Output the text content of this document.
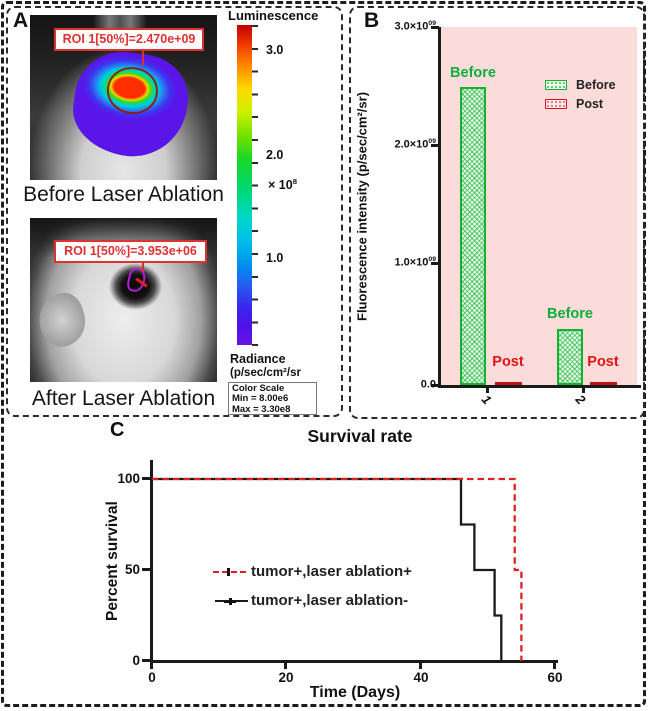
A	B
C
ROI 1[50%]=2.470e+09
Before Laser Ablation
ROI 1[50%]=3.953e+06
After Laser Ablation
Luminescence
3.0
2.0
1.0
× $10^8$
Radiance
(p/sec/cm²/sr
Color Scale
Min = 8.00e6
Max = 3.30e8
$3.0\times 10^{09}$
$2.0\times 10^{09}$
$1.0\times 10^{09}$
0.0
Fluorescence intensity (p/sec/cm²/sr)
1	2
Before
Before
Post	Post
Before
Post
Survival rate
100
50
0
0	20	40	60
Percent survival
Time (Days)
tumor+,laser ablation+
tumor+,laser ablation-
